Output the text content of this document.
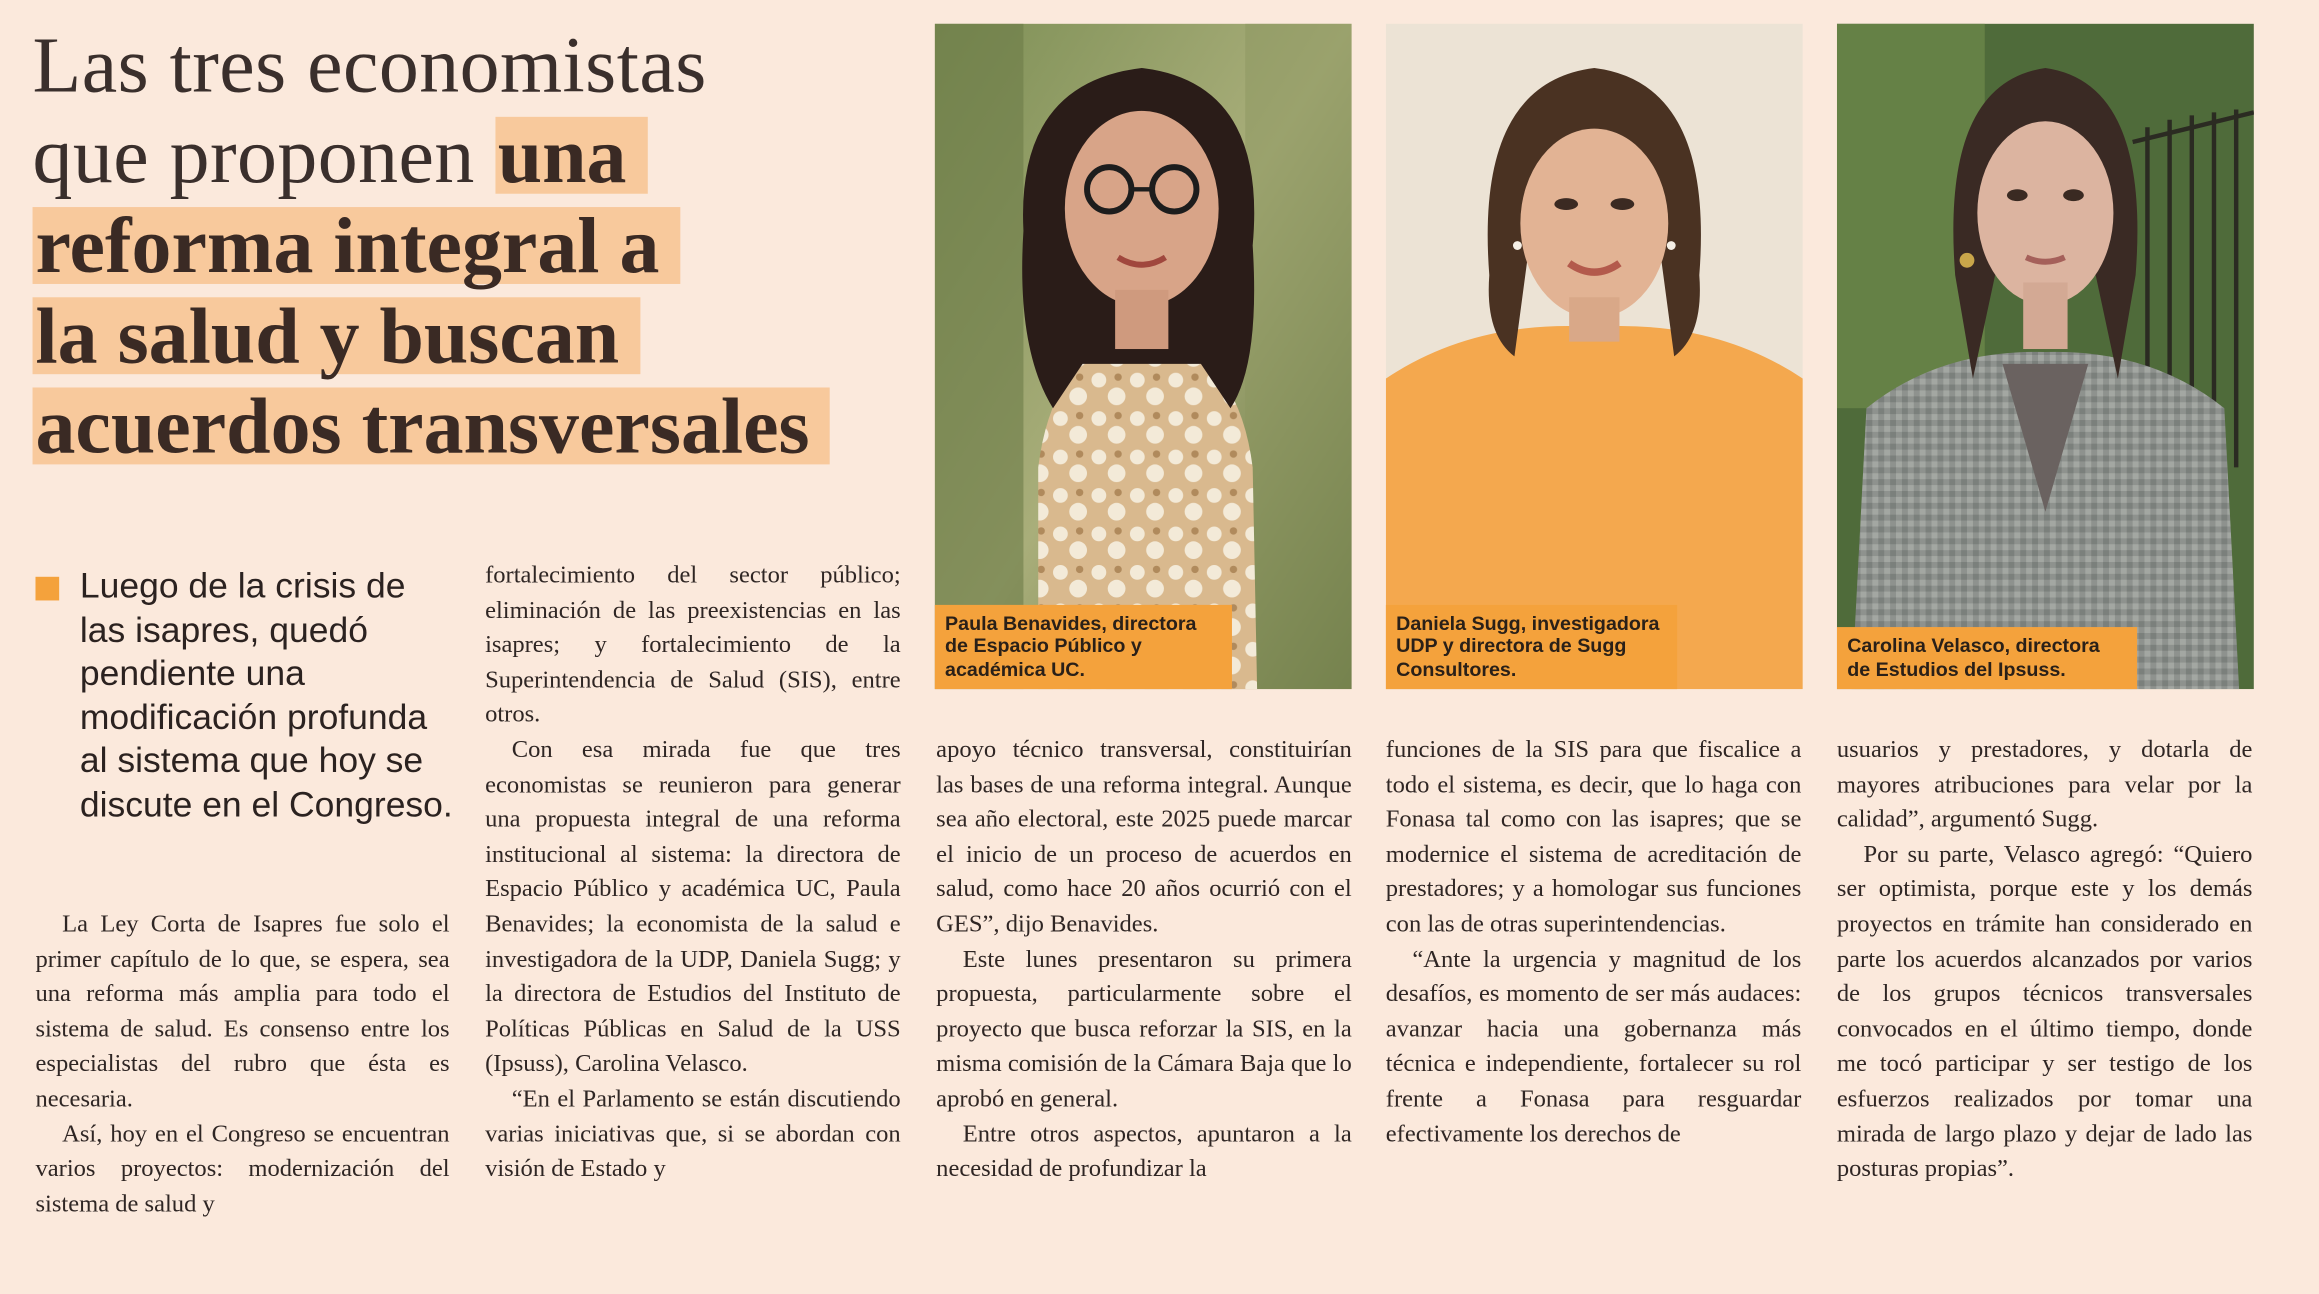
Las tres economistas
que proponen una
reforma integral a
la salud y buscan
acuerdos transversales
Luego de la crisis de las isapres, quedó pendiente una modificación profunda al sistema que hoy se discute en el Congreso.
Paula Benavides, directora de Espacio Público y académica UC.
Daniela Sugg, investigadora UDP y directora de Sugg Consultores.
Carolina Velasco, directora de Estudios del Ipsuss.

La Ley Corta de Isapres fue solo el primer capítulo de lo que, se espera, sea una reforma más amplia para todo el sistema de salud. Es consenso entre los especialistas del rubro que ésta es necesaria.

Así, hoy en el Congreso se encuentran varios proyectos: modernización del sistema de salud y

fortalecimiento del sector público; eliminación de las preexistencias en las isapres; y fortalecimiento de la Superintendencia de Salud (SIS), entre otros.

Con esa mirada fue que tres economistas se reunieron para generar una propuesta integral de una reforma institucional al sistema: la directora de Espacio Público y académica UC, Paula Benavides; la economista de la salud e investigadora de la UDP, Daniela Sugg; y la directora de Estudios del Instituto de Políticas Públicas en Salud de la USS (Ipsuss), Carolina Velasco.

“En el Parlamento se están discutiendo varias iniciativas que, si se abordan con visión de Estado y

apoyo técnico transversal, constituirían las bases de una reforma integral. Aunque sea año electoral, este 2025 puede marcar el inicio de un proceso de acuerdos en salud, como hace 20 años ocurrió con el GES”, dijo Benavides.

Este lunes presentaron su primera propuesta, particularmente sobre el proyecto que busca reforzar la SIS, en la misma comisión de la Cámara Baja que lo aprobó en general.

Entre otros aspectos, apuntaron a la necesidad de profundizar la

funciones de la SIS para que fiscalice a todo el sistema, es decir, que lo haga con Fonasa tal como con las isapres; que se modernice el sistema de acreditación de prestadores; y a homologar sus funciones con las de otras superintendencias.

“Ante la urgencia y magnitud de los desafíos, es momento de ser más audaces: avanzar hacia una gobernanza más técnica e independiente, fortalecer su rol frente a Fonasa para resguardar efectivamente los derechos de

usuarios y prestadores, y dotarla de mayores atribuciones para velar por la calidad”, argumentó Sugg.

Por su parte, Velasco agregó: “Quiero ser optimista, porque este y los demás proyectos en trámite han considerado en parte los acuerdos alcanzados por varios de los grupos técnicos transversales convocados en el último tiempo, donde me tocó participar y ser testigo de los esfuerzos realizados por tomar una mirada de largo plazo y dejar de lado las posturas propias”.
